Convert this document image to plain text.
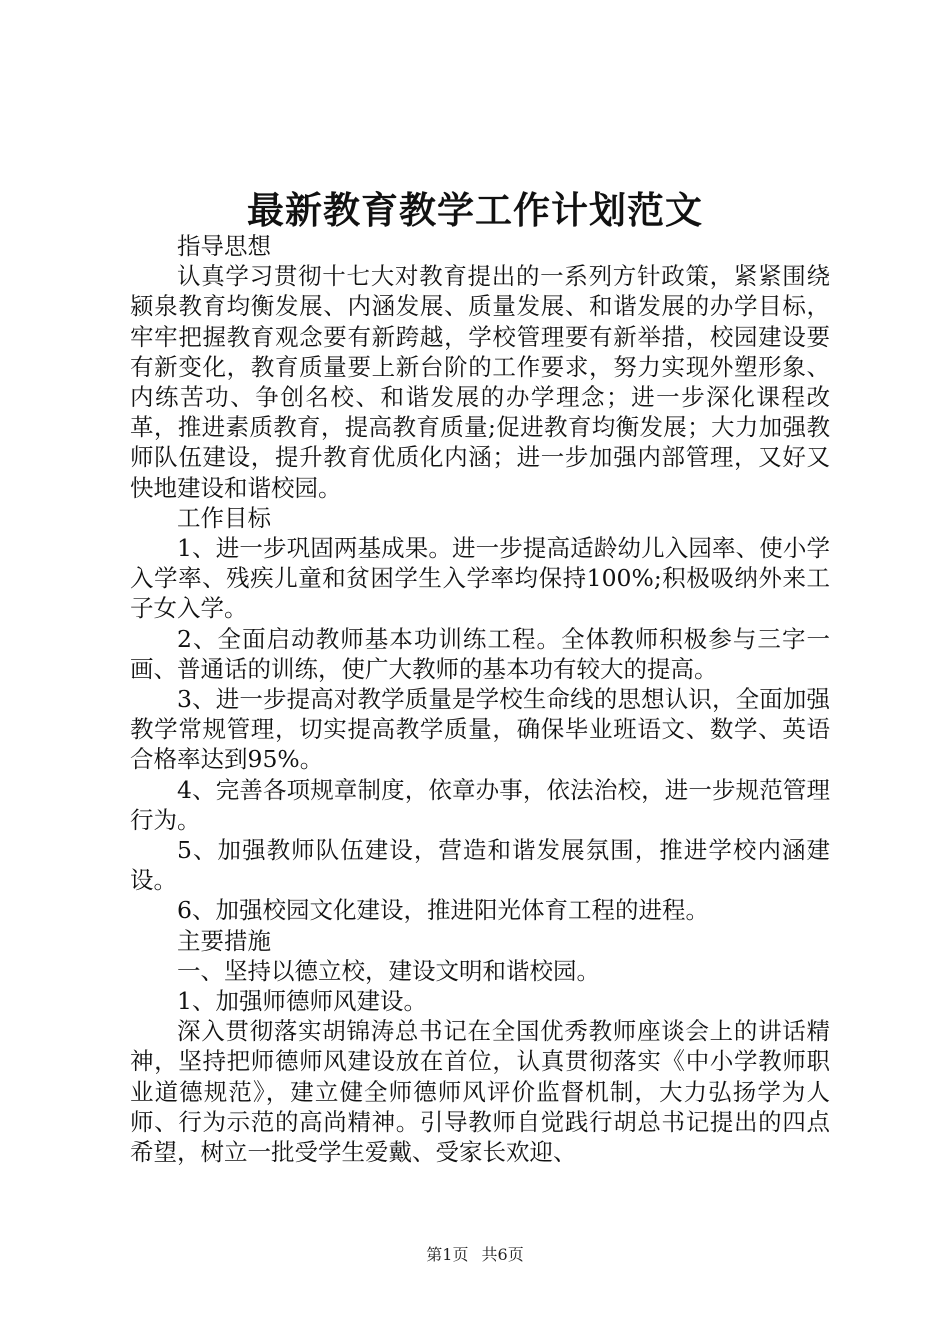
最新教育教学工作计划范文

指导思想

认真学习贯彻十七大对教育提出的一系列方针政策，紧紧围绕颍泉教育均衡发展、内涵发展、质量发展、和谐发展的办学目标，牢牢把握教育观念要有新跨越，学校管理要有新举措，校园建设要有新变化，教育质量要上新台阶的工作要求，努力实现外塑形象、内练苦功、争创名校、和谐发展的办学理念；进一步深化课程改革，推进素质教育，提高教育质量;促进教育均衡发展；大力加强教师队伍建设，提升教育优质化内涵；进一步加强内部管理，又好又快地建设和谐校园。

工作目标

1、进一步巩固两基成果。进一步提高适龄幼儿入园率、使小学入学率、残疾儿童和贫困学生入学率均保持100%;积极吸纳外来工子女入学。

2、全面启动教师基本功训练工程。全体教师积极参与三字一画、普通话的训练，使广大教师的基本功有较大的提高。

3、进一步提高对教学质量是学校生命线的思想认识，全面加强教学常规管理，切实提高教学质量，确保毕业班语文、数学、英语合格率达到95%。

4、完善各项规章制度，依章办事，依法治校，进一步规范管理行为。

5、加强教师队伍建设，营造和谐发展氛围，推进学校内涵建设。

6、加强校园文化建设，推进阳光体育工程的进程。

主要措施

一、坚持以德立校，建设文明和谐校园。

1、加强师德师风建设。

深入贯彻落实胡锦涛总书记在全国优秀教师座谈会上的讲话精神，坚持把师德师风建设放在首位，认真贯彻落实《中小学教师职业道德规范》，建立健全师德师风评价监督机制，大力弘扬学为人师、行为示范的高尚精神。引导教师自觉践行胡总书记提出的四点希望，树立一批受学生爱戴、受家长欢迎、

第1页 共6页
